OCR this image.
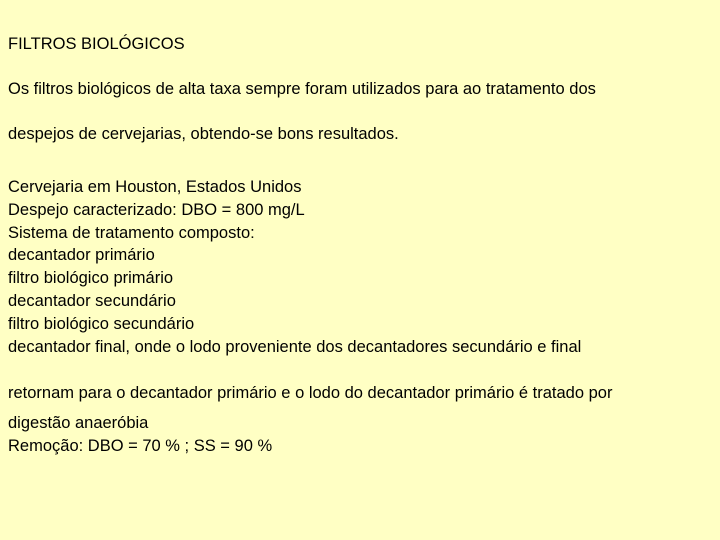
FILTROS BIOLÓGICOS
Os filtros biológicos de alta taxa sempre foram utilizados para ao tratamento dos
despejos de cervejarias, obtendo-se bons resultados.
Cervejaria em Houston, Estados Unidos
Despejo caracterizado: DBO = 800 mg/L
Sistema de tratamento composto:
decantador primário
filtro biológico primário
decantador secundário
filtro biológico secundário
decantador final, onde o lodo proveniente dos decantadores secundário e final
retornam para o decantador primário e o lodo do decantador primário é tratado por
digestão anaeróbia
Remoção: DBO = 70 % ; SS = 90 %
